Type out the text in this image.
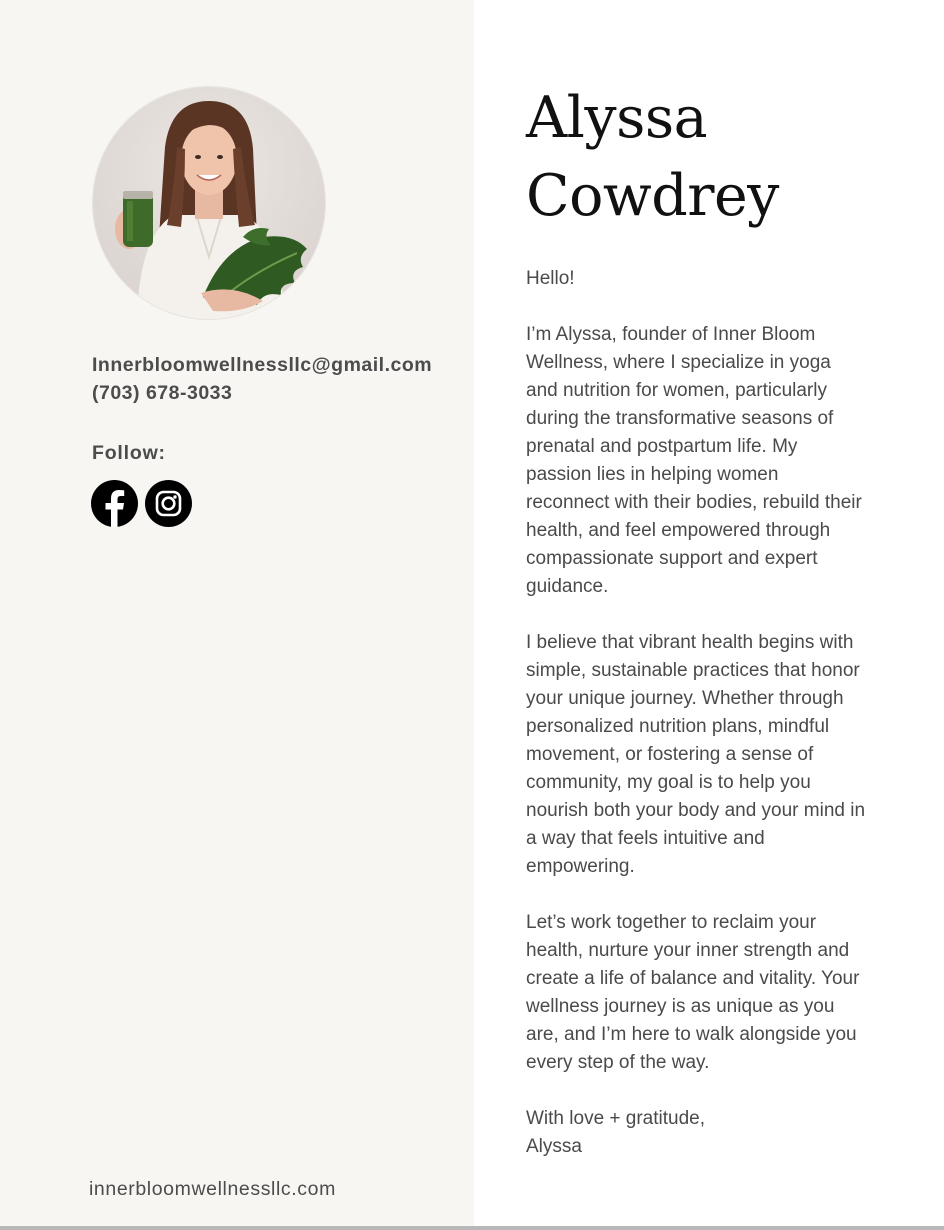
Innerbloomwellnessllc@gmail.com
(703) 678-3033
Follow:
innerbloomwellnessllc.com
Alyssa
Cowdrey

Hello!

I’m Alyssa, founder of Inner Bloom Wellness, where I specialize in yoga and nutrition for women, particularly during the transformative seasons of prenatal and postpartum life. My passion lies in helping women reconnect with their bodies, rebuild their health, and feel empowered through compassionate support and expert guidance.

I believe that vibrant health begins with simple, sustainable practices that honor your unique journey. Whether through personalized nutrition plans, mindful movement, or fostering a sense of community, my goal is to help you nourish both your body and your mind in a way that feels intuitive and empowering.

Let’s work together to reclaim your health, nurture your inner strength and create a life of balance and vitality. Your wellness journey is as unique as you are, and I’m here to walk alongside you every step of the way.

With love + gratitude,

Alyssa
